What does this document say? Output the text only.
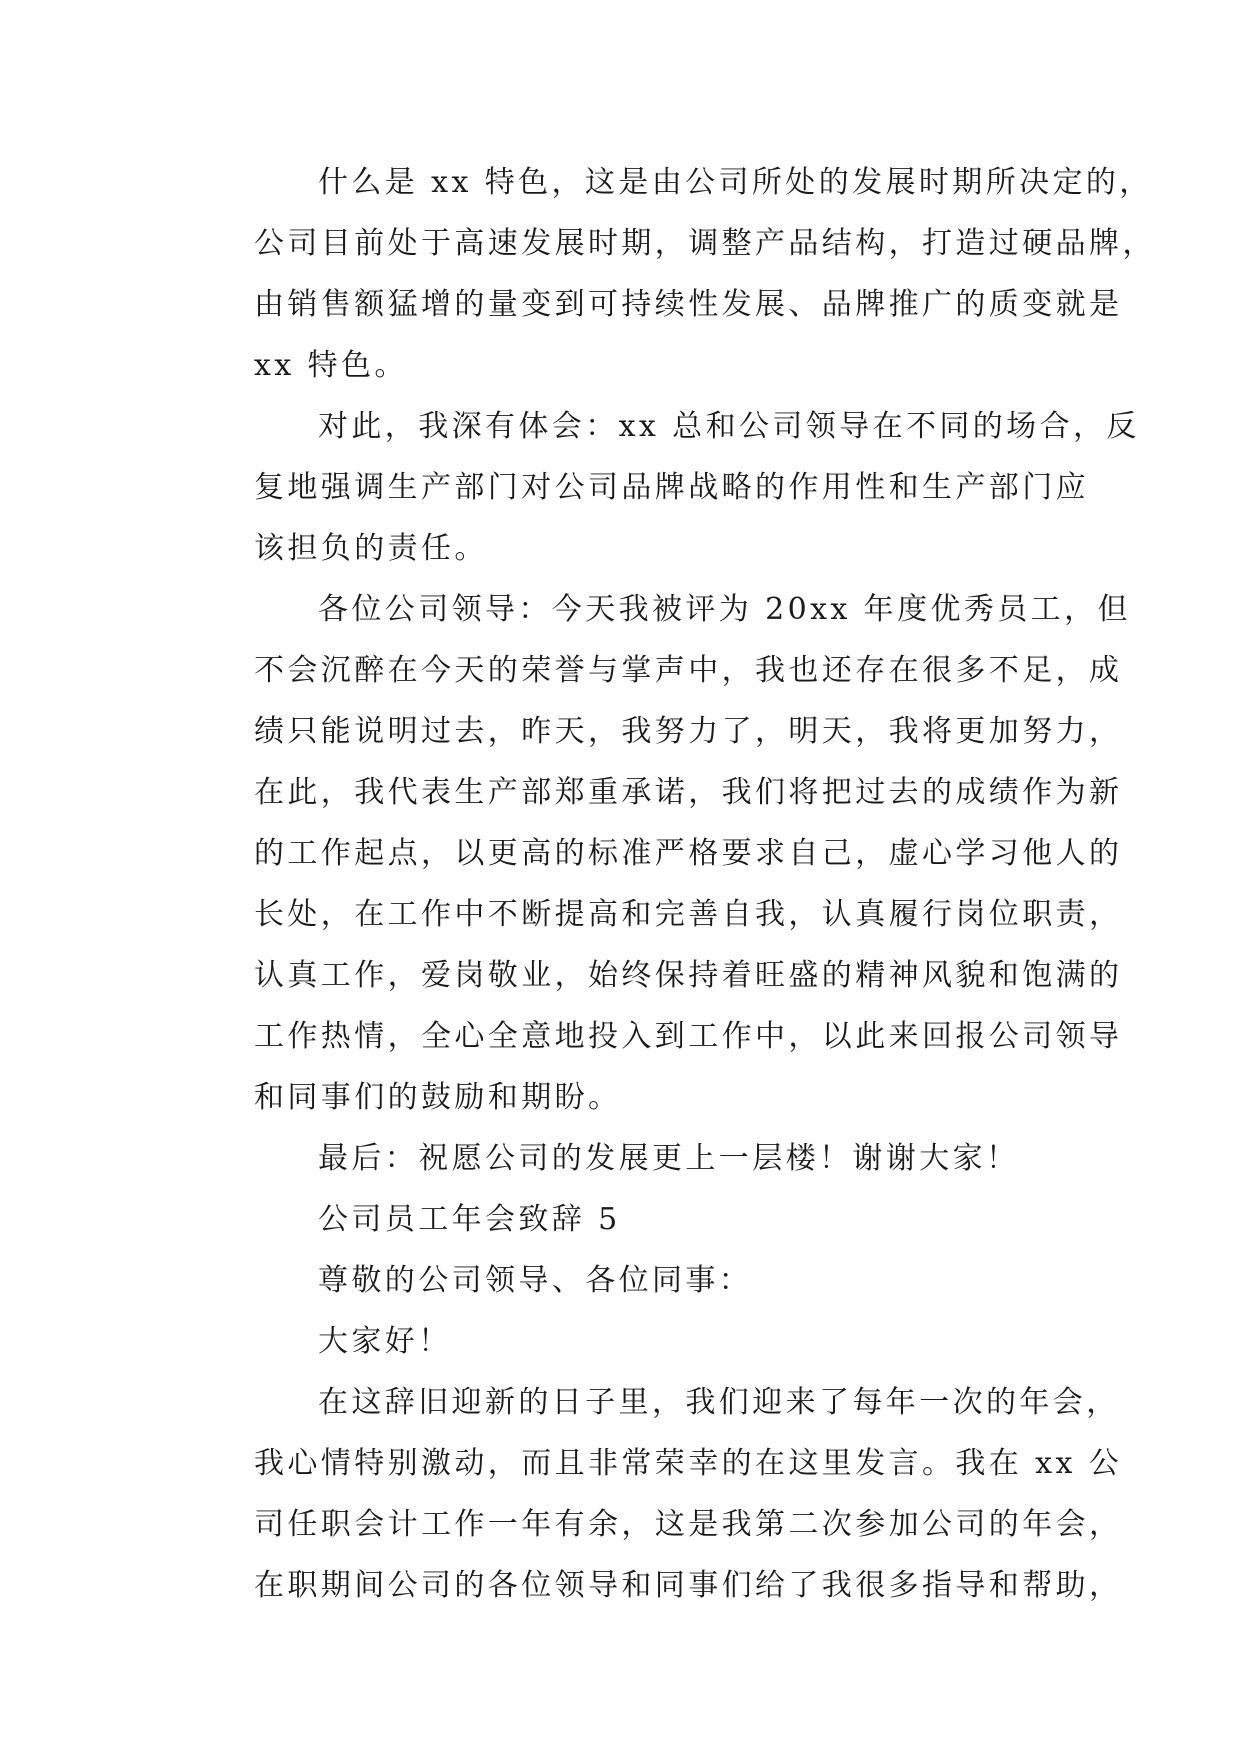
什么是 xx 特色，这是由公司所处的发展时期所决定的，
公司目前处于高速发展时期，调整产品结构，打造过硬品牌，
由销售额猛增的量变到可持续性发展、品牌推广的质变就是
xx 特色。
对此，我深有体会：xx 总和公司领导在不同的场合，反
复地强调生产部门对公司品牌战略的作用性和生产部门应
该担负的责任。
各位公司领导：今天我被评为 20xx 年度优秀员工，但
不会沉醉在今天的荣誉与掌声中，我也还存在很多不足，成
绩只能说明过去，昨天，我努力了，明天，我将更加努力，
在此，我代表生产部郑重承诺，我们将把过去的成绩作为新
的工作起点，以更高的标准严格要求自己，虚心学习他人的
长处，在工作中不断提高和完善自我，认真履行岗位职责，
认真工作，爱岗敬业，始终保持着旺盛的精神风貌和饱满的
工作热情，全心全意地投入到工作中，以此来回报公司领导
和同事们的鼓励和期盼。
最后：祝愿公司的发展更上一层楼！谢谢大家！
公司员工年会致辞 5
尊敬的公司领导、各位同事：
大家好！
在这辞旧迎新的日子里，我们迎来了每年一次的年会，
我心情特别激动，而且非常荣幸的在这里发言。我在 xx 公
司任职会计工作一年有余，这是我第二次参加公司的年会，
在职期间公司的各位领导和同事们给了我很多指导和帮助，
